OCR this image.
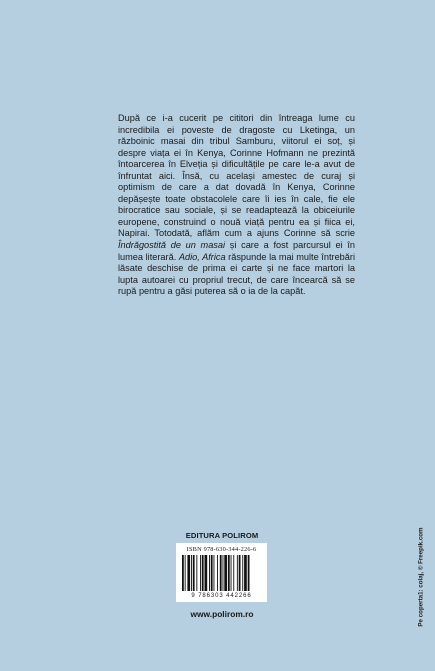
După ce i-a cucerit pe cititori din întreaga lume cu incredibila ei poveste de dragoste cu Lketinga, un războinic masai din tribul Samburu, viitorul ei soț, și despre viața ei în Kenya, Corinne Hofmann ne prezintă întoarcerea în Elveția și dificultățile pe care le-a avut de înfruntat aici. Însă, cu același amestec de curaj și optimism de care a dat dovadă în Kenya, Corinne depășește toate obstacolele care îi ies în cale, fie ele birocratice sau sociale, și se readaptează la obiceiurile europene, construind o nouă viață pentru ea și fiica ei, Napirai. Totodată, aflăm cum a ajuns Corinne să scrie Îndrăgostită de un masai și care a fost parcursul ei în lumea literară. Adio, Africa răspunde la mai multe întrebări lăsate deschise de prima ei carte și ne face martori la lupta autoarei cu propriul trecut, de care încearcă să se rupă pentru a găsi puterea să o ia de la capăt.

EDITURA POLIROM
ISBN 978-630-344-226-6
9 786303 442266
www.polirom.ro	Pe coperta1: colaj, © Freepik.com
